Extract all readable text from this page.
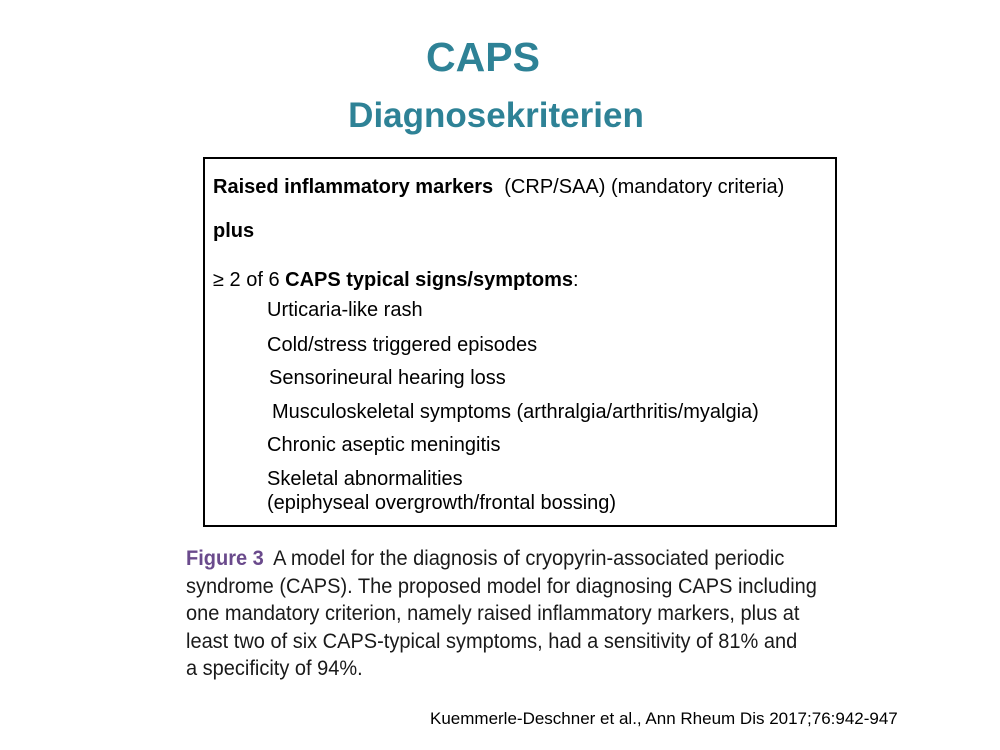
CAPS
Diagnosekriterien
Raised inflammatory markers (CRP/SAA) (mandatory criteria)
plus
≥ 2 of 6 CAPS typical signs/symptoms:
Urticaria-like rash
Cold/stress triggered episodes
Sensorineural hearing loss
Musculoskeletal symptoms (arthralgia/arthritis/myalgia)
Chronic aseptic meningitis
Skeletal abnormalities
(epiphyseal overgrowth/frontal bossing)
Figure 3 A model for the diagnosis of cryopyrin-associated periodic
syndrome (CAPS). The proposed model for diagnosing CAPS including
one mandatory criterion, namely raised inflammatory markers, plus at
least two of six CAPS-typical symptoms, had a sensitivity of 81% and
a specificity of 94%.
Kuemmerle-Deschner et al., Ann Rheum Dis 2017;76:942-947
